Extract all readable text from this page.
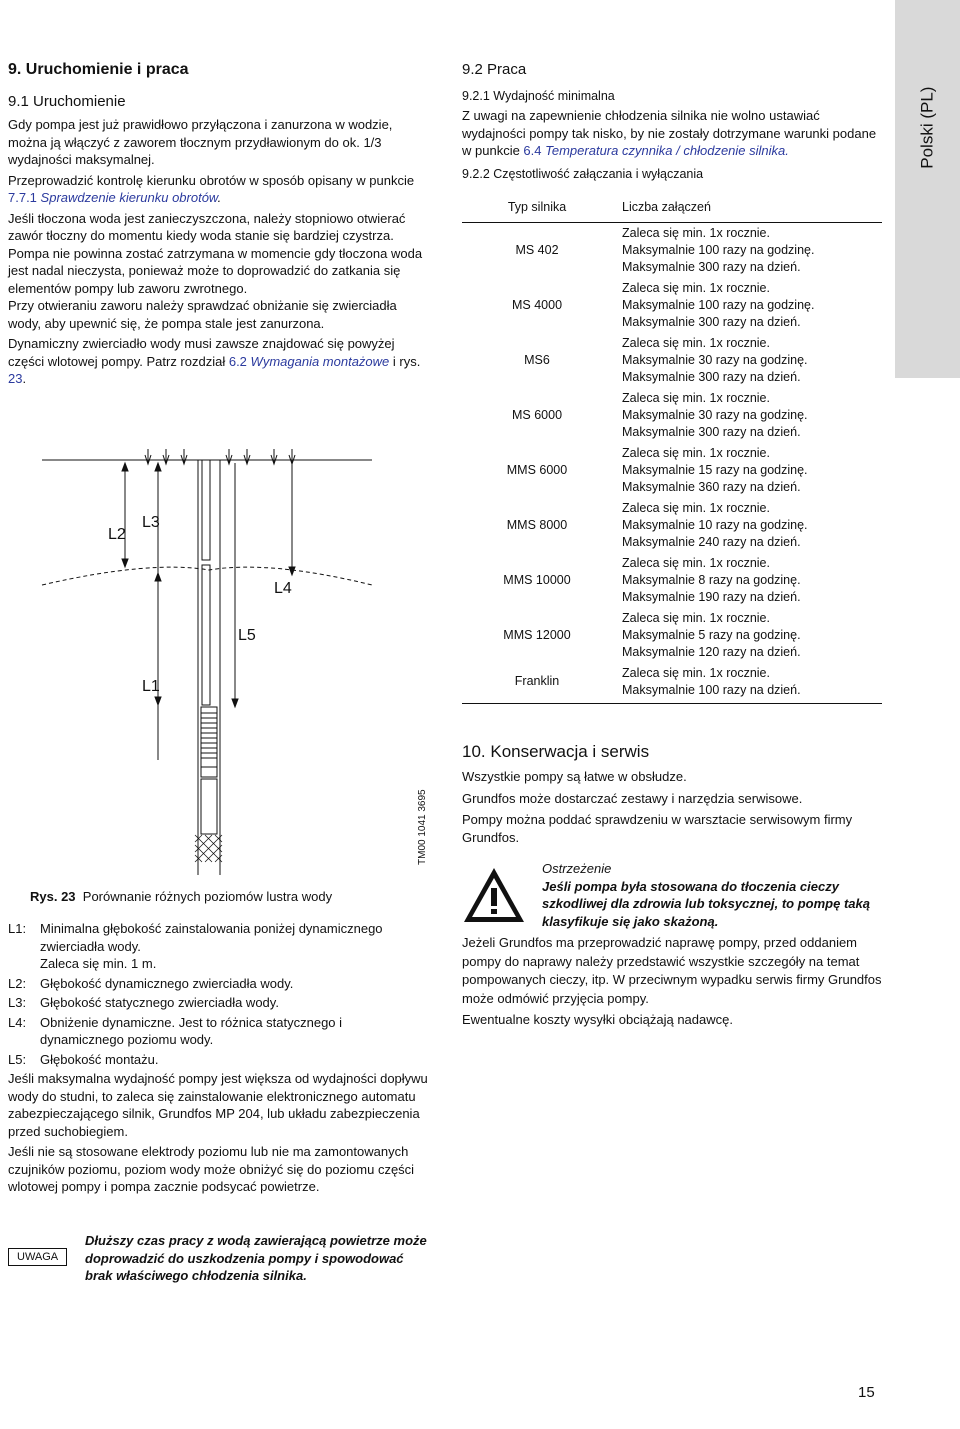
Polski (PL)
9. Uruchomienie i praca
9.1 Uruchomienie

Gdy pompa jest już prawidłowo przyłączona i zanurzona w wodzie, można ją włączyć z zaworem tłocznym przydławionym do ok. 1/3 wydajności maksymalnej.

Przeprowadzić kontrolę kierunku obrotów w sposób opisany w punkcie 7.7.1 Sprawdzenie kierunku obrotów.

Jeśli tłoczona woda jest zanieczyszczona, należy stopniowo otwierać zawór tłoczny do momentu kiedy woda stanie się bardziej czystrza. Pompa nie powinna zostać zatrzymana w momencie gdy tłoczona woda jest nadal nieczysta, ponieważ może to doprowadzić do zatkania się elementów pompy lub zaworu zwrotnego.

Przy otwieraniu zaworu należy sprawdzać obniżanie się zwierciadła wody, aby upewnić się, że pompa stale jest zanurzona.

Dynamiczny zwierciadło wody musi zawsze znajdować się powyżej części wlotowej pompy. Patrz rozdział 6.2 Wymagania montażowe i rys. 23.

L2
L3
L4
L5
L1
TM00 1041 3695
Rys. 23 Porównanie różnych poziomów lustra wody
L1:	Minimalna głębokość zainstalowania poniżej dynamicznego zwierciadła wody.
Zaleca się min. 1 m.
L2:	Głębokość dynamicznego zwierciadła wody.
L3:	Głębokość statycznego zwierciadła wody.
L4:	Obniżenie dynamiczne. Jest to różnica statycznego i dynamicznego poziomu wody.
L5:	Głębokość montażu.

Jeśli maksymalna wydajność pompy jest większa od wydajności dopływu wody do studni, to zaleca się zainstalowanie elektronicznego automatu zabezpieczającego silnik, Grundfos MP 204, lub układu zabezpieczenia przed suchobiegiem.

Jeśli nie są stosowane elektrody poziomu lub nie ma zamontowanych czujników poziomu, poziom wody może obniżyć się do poziomu części wlotowej pompy i pompa zacznie podsycać powietrze.

UWAGA
Dłuższy czas pracy z wodą zawierającą powietrze może doprowadzić do uszkodzenia pompy i spowodować brak właściwego chłodzenia silnika.
9.2 Praca
9.2.1 Wydajność minimalna

Z uwagi na zapewnienie chłodzenia silnika nie wolno ustawiać wydajności pompy tak nisko, by nie zostały dotrzymane warunki podane w punkcie 6.4 Temperatura czynnika / chłodzenie silnika.

9.2.2 Częstotliwość załączania i wyłączania
Typ silnika	Liczba załączeń
MS 402	Zaleca się min. 1x rocznie.
Maksymalnie 100 razy na godzinę.
Maksymalnie 300 razy na dzień.

MS 4000	Zaleca się min. 1x rocznie.
Maksymalnie 100 razy na godzinę.
Maksymalnie 300 razy na dzień.

MS6	Zaleca się min. 1x rocznie.
Maksymalnie 30 razy na godzinę.
Maksymalnie 300 razy na dzień.

MS 6000	Zaleca się min. 1x rocznie.
Maksymalnie 30 razy na godzinę.
Maksymalnie 300 razy na dzień.

MMS 6000	Zaleca się min. 1x rocznie.
Maksymalnie 15 razy na godzinę.
Maksymalnie 360 razy na dzień.

MMS 8000	Zaleca się min. 1x rocznie.
Maksymalnie 10 razy na godzinę.
Maksymalnie 240 razy na dzień.

MMS 10000	Zaleca się min. 1x rocznie.
Maksymalnie 8 razy na godzinę.
Maksymalnie 190 razy na dzień.

MMS 12000	Zaleca się min. 1x rocznie.
Maksymalnie 5 razy na godzinę.
Maksymalnie 120 razy na dzień.

Franklin	Zaleca się min. 1x rocznie.
Maksymalnie 100 razy na dzień.
10. Konserwacja i serwis

Wszystkie pompy są łatwe w obsłudze.

Grundfos może dostarczać zestawy i narzędzia serwisowe.

Pompy można poddać sprawdzeniu w warsztacie serwisowym firmy Grundfos.

Ostrzeżenie
Jeśli pompa była stosowana do tłoczenia cieczy szkodliwej dla zdrowia lub toksycznej, to pompę taką klasyfikuje się jako skażoną.

Jeżeli Grundfos ma przeprowadzić naprawę pompy, przed oddaniem pompy do naprawy należy przedstawić wszystkie szczegóły na temat pompowanych cieczy, itp. W przeciwnym wypadku serwis firmy Grundfos może odmówić przyjęcia pompy.

Ewentualne koszty wysyłki obciążają nadawcę.

15
